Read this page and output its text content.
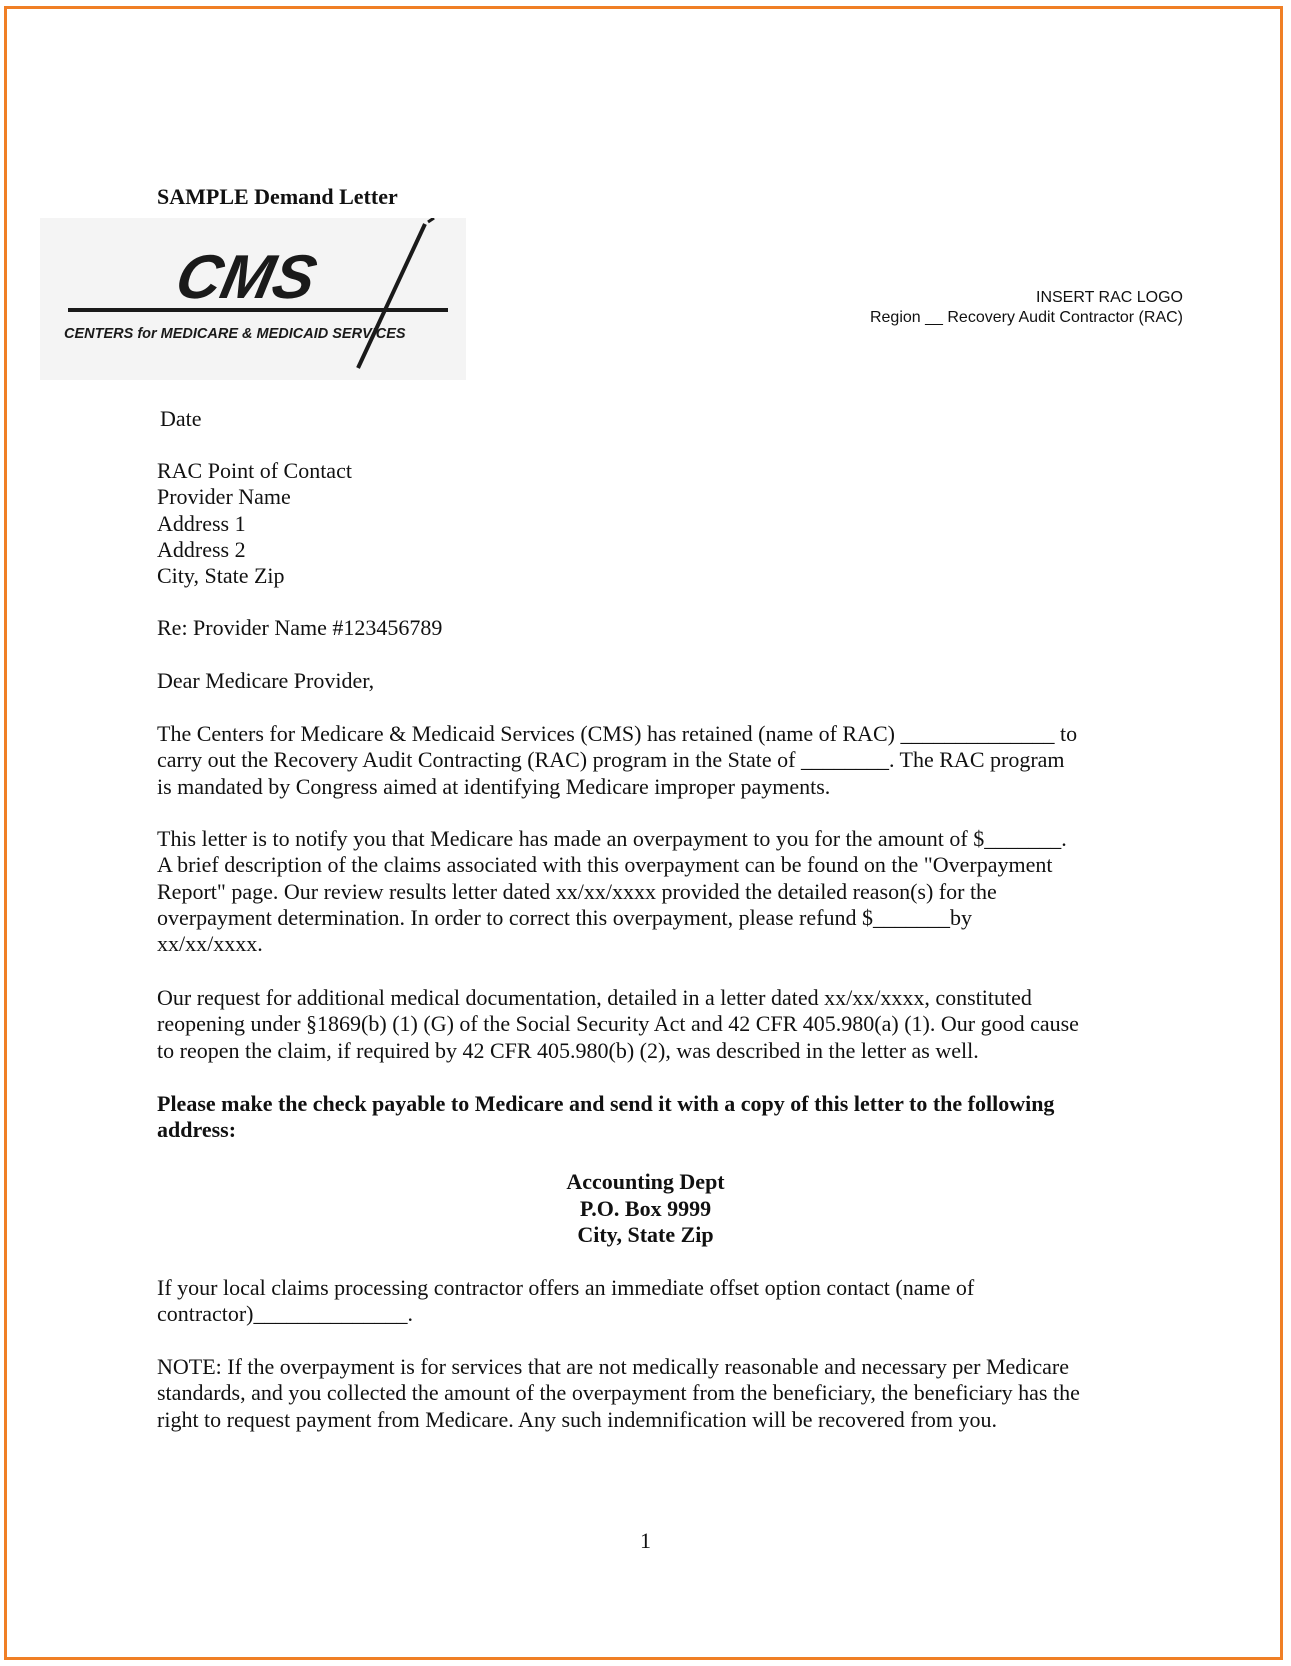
SAMPLE Demand Letter
CMS
CENTERS for MEDICARE & MEDICAID SERVICES
INSERT RAC LOGO
Region __ Recovery Audit Contractor (RAC)
Date

RAC Point of Contact

Provider Name

Address 1

Address 2

City, State Zip

Re: Provider Name #123456789
Dear Medicare Provider,

The Centers for Medicare & Medicaid Services (CMS) has retained (name of RAC) ______________ to

carry out the Recovery Audit Contracting (RAC) program in the State of ________. The RAC program

is mandated by Congress aimed at identifying Medicare improper payments.

This letter is to notify you that Medicare has made an overpayment to you for the amount of $_______.

A brief description of the claims associated with this overpayment can be found on the "Overpayment

Report" page. Our review results letter dated xx/xx/xxxx provided the detailed reason(s) for the

overpayment determination. In order to correct this overpayment, please refund $_______by

xx/xx/xxxx.

Our request for additional medical documentation, detailed in a letter dated xx/xx/xxxx, constituted

reopening under §1869(b) (1) (G) of the Social Security Act and 42 CFR 405.980(a) (1). Our good cause

to reopen the claim, if required by 42 CFR 405.980(b) (2), was described in the letter as well.

Please make the check payable to Medicare and send it with a copy of this letter to the following

address:

Accounting Dept
P.O. Box 9999
City, State Zip

If your local claims processing contractor offers an immediate offset option contact (name of

contractor)______________.

NOTE: If the overpayment is for services that are not medically reasonable and necessary per Medicare

standards, and you collected the amount of the overpayment from the beneficiary, the beneficiary has the

right to request payment from Medicare. Any such indemnification will be recovered from you.

1
